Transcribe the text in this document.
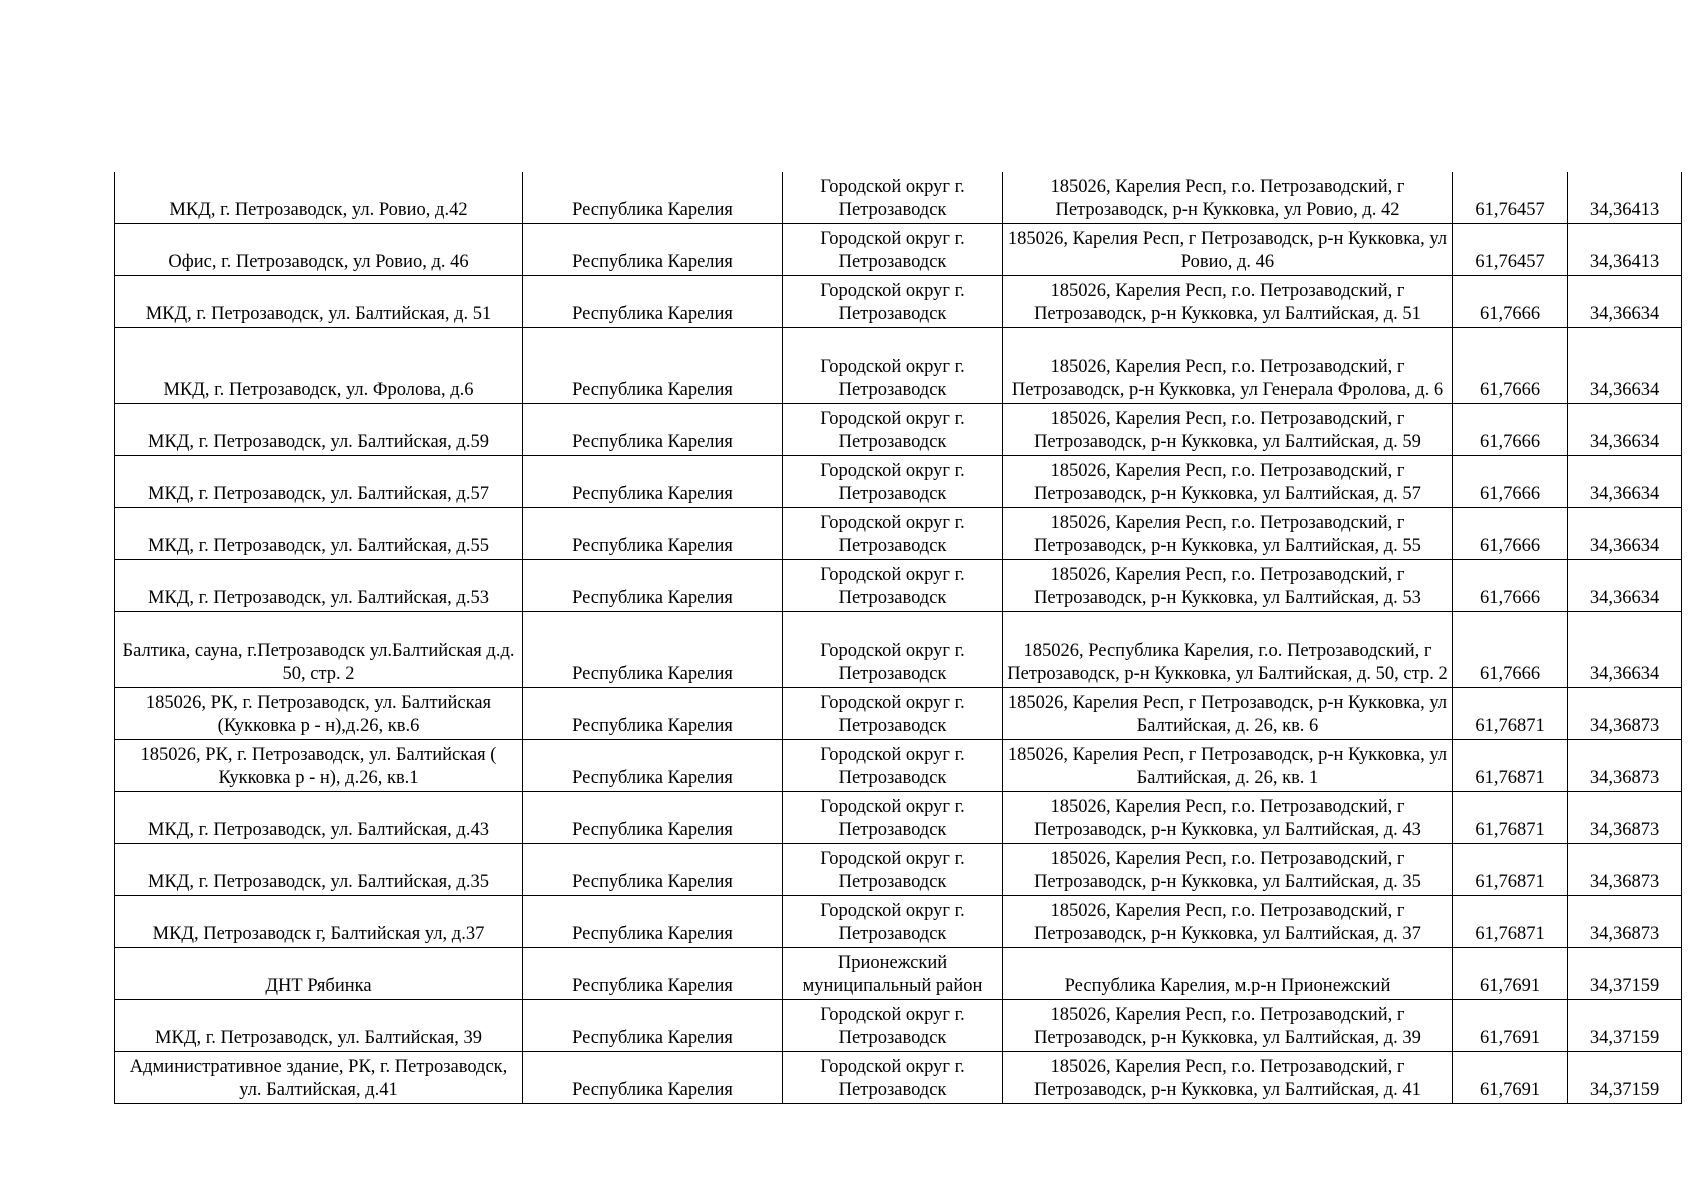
МКД, г. Петрозаводск, ул. Ровио, д.42	Республика Карелия	Городской округ г. Петрозаводск	185026, Карелия Респ, г.о. Петрозаводский, г Петрозаводск, р-н Кукковка, ул Ровио, д. 42	61,76457	34,36413
Офис, г. Петрозаводск, ул Ровио, д. 46	Республика Карелия	Городской округ г. Петрозаводск	185026, Карелия Респ, г Петрозаводск, р-н Кукковка, ул Ровио, д. 46	61,76457	34,36413
МКД, г. Петрозаводск, ул. Балтийская, д. 51	Республика Карелия	Городской округ г. Петрозаводск	185026, Карелия Респ, г.о. Петрозаводский, г Петрозаводск, р-н Кукковка, ул Балтийская, д. 51	61,7666	34,36634
МКД, г. Петрозаводск, ул. Фролова, д.6	Республика Карелия	Городской округ г. Петрозаводск	185026, Карелия Респ, г.о. Петрозаводский, г Петрозаводск, р-н Кукковка, ул Генерала Фролова, д. 6	61,7666	34,36634
МКД, г. Петрозаводск, ул. Балтийская, д.59	Республика Карелия	Городской округ г. Петрозаводск	185026, Карелия Респ, г.о. Петрозаводский, г Петрозаводск, р-н Кукковка, ул Балтийская, д. 59	61,7666	34,36634
МКД, г. Петрозаводск, ул. Балтийская, д.57	Республика Карелия	Городской округ г. Петрозаводск	185026, Карелия Респ, г.о. Петрозаводский, г Петрозаводск, р-н Кукковка, ул Балтийская, д. 57	61,7666	34,36634
МКД, г. Петрозаводск, ул. Балтийская, д.55	Республика Карелия	Городской округ г. Петрозаводск	185026, Карелия Респ, г.о. Петрозаводский, г Петрозаводск, р-н Кукковка, ул Балтийская, д. 55	61,7666	34,36634
МКД, г. Петрозаводск, ул. Балтийская, д.53	Республика Карелия	Городской округ г. Петрозаводск	185026, Карелия Респ, г.о. Петрозаводский, г Петрозаводск, р-н Кукковка, ул Балтийская, д. 53	61,7666	34,36634
Балтика, сауна, г.Петрозаводск ул.Балтийская д.д. 50, стр. 2	Республика Карелия	Городской округ г. Петрозаводск	185026, Республика Карелия, г.о. Петрозаводский, г Петрозаводск, р-н Кукковка, ул Балтийская, д. 50, стр. 2	61,7666	34,36634
185026, РК, г. Петрозаводск, ул. Балтийская (Кукковка р - н),д.26, кв.6	Республика Карелия	Городской округ г. Петрозаводск	185026, Карелия Респ, г Петрозаводск, р-н Кукковка, ул Балтийская, д. 26, кв. 6	61,76871	34,36873
185026, РК, г. Петрозаводск, ул. Балтийская ( Кукковка р - н), д.26, кв.1	Республика Карелия	Городской округ г. Петрозаводск	185026, Карелия Респ, г Петрозаводск, р-н Кукковка, ул Балтийская, д. 26, кв. 1	61,76871	34,36873
МКД, г. Петрозаводск, ул. Балтийская, д.43	Республика Карелия	Городской округ г. Петрозаводск	185026, Карелия Респ, г.о. Петрозаводский, г Петрозаводск, р-н Кукковка, ул Балтийская, д. 43	61,76871	34,36873
МКД, г. Петрозаводск, ул. Балтийская, д.35	Республика Карелия	Городской округ г. Петрозаводск	185026, Карелия Респ, г.о. Петрозаводский, г Петрозаводск, р-н Кукковка, ул Балтийская, д. 35	61,76871	34,36873
МКД, Петрозаводск г, Балтийская ул, д.37	Республика Карелия	Городской округ г. Петрозаводск	185026, Карелия Респ, г.о. Петрозаводский, г Петрозаводск, р-н Кукковка, ул Балтийская, д. 37	61,76871	34,36873
ДНТ Рябинка	Республика Карелия	Прионежский муниципальный район	Республика Карелия, м.р-н Прионежский	61,7691	34,37159
МКД, г. Петрозаводск, ул. Балтийская, 39	Республика Карелия	Городской округ г. Петрозаводск	185026, Карелия Респ, г.о. Петрозаводский, г Петрозаводск, р-н Кукковка, ул Балтийская, д. 39	61,7691	34,37159
Административное здание, РК, г. Петрозаводск, ул. Балтийская, д.41	Республика Карелия	Городской округ г. Петрозаводск	185026, Карелия Респ, г.о. Петрозаводский, г Петрозаводск, р-н Кукковка, ул Балтийская, д. 41	61,7691	34,37159
